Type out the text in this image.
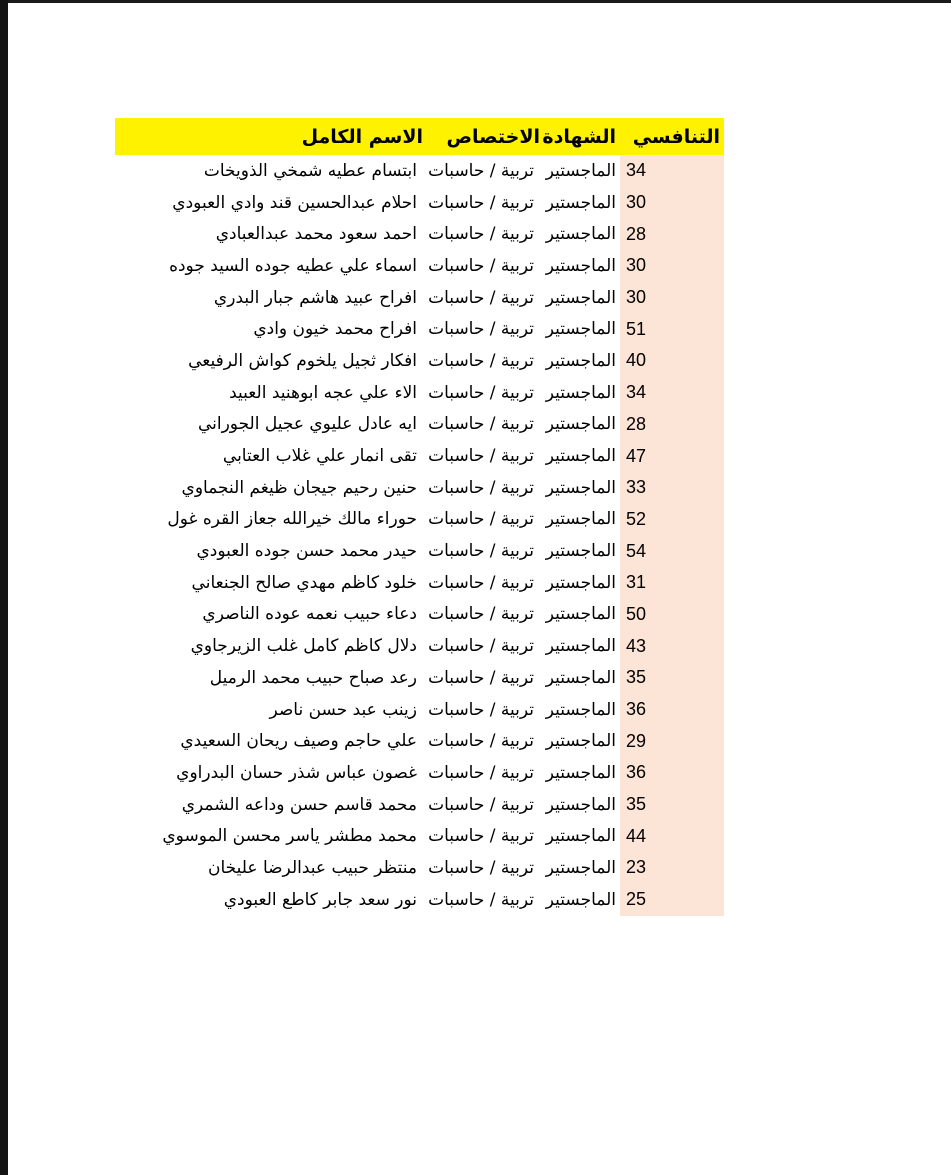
التنافسي	الشهادة	الاختصاص	الاسم الكامل
34	الماجستير	تربية / حاسبات	ابتسام عطيه شمخي الذويخات
30	الماجستير	تربية / حاسبات	احلام عبدالحسين قند وادي العبودي
28	الماجستير	تربية / حاسبات	احمد سعود محمد عبدالعبادي
30	الماجستير	تربية / حاسبات	اسماء علي عطيه جوده السيد جوده
30	الماجستير	تربية / حاسبات	افراح عبيد هاشم جبار البدري
51	الماجستير	تربية / حاسبات	افراح محمد خيون وادي
40	الماجستير	تربية / حاسبات	افكار ثجيل يلخوم كواش الرفيعي
34	الماجستير	تربية / حاسبات	الاء علي عجه ابوهنيد العبيد
28	الماجستير	تربية / حاسبات	ايه عادل عليوي عجيل الجوراني
47	الماجستير	تربية / حاسبات	تقى انمار علي غلاب العتابي
33	الماجستير	تربية / حاسبات	حنين رحيم جيجان ظيغم النجماوي
52	الماجستير	تربية / حاسبات	حوراء مالك خيرالله جعاز القره غول
54	الماجستير	تربية / حاسبات	حيدر محمد حسن جوده العبودي
31	الماجستير	تربية / حاسبات	خلود كاظم مهدي صالح الجنعاني
50	الماجستير	تربية / حاسبات	دعاء حبيب نعمه عوده الناصري
43	الماجستير	تربية / حاسبات	دلال كاظم كامل غلب الزيرجاوي
35	الماجستير	تربية / حاسبات	رعد صباح حبيب محمد الرميل
36	الماجستير	تربية / حاسبات	زينب عبد حسن ناصر
29	الماجستير	تربية / حاسبات	علي حاجم وصيف ريحان السعيدي
36	الماجستير	تربية / حاسبات	غصون عباس شذر حسان البدراوي
35	الماجستير	تربية / حاسبات	محمد قاسم حسن وداعه الشمري
44	الماجستير	تربية / حاسبات	محمد مطشر ياسر محسن الموسوي
23	الماجستير	تربية / حاسبات	منتظر حبيب عبدالرضا عليخان
25	الماجستير	تربية / حاسبات	نور سعد جابر كاطع العبودي
